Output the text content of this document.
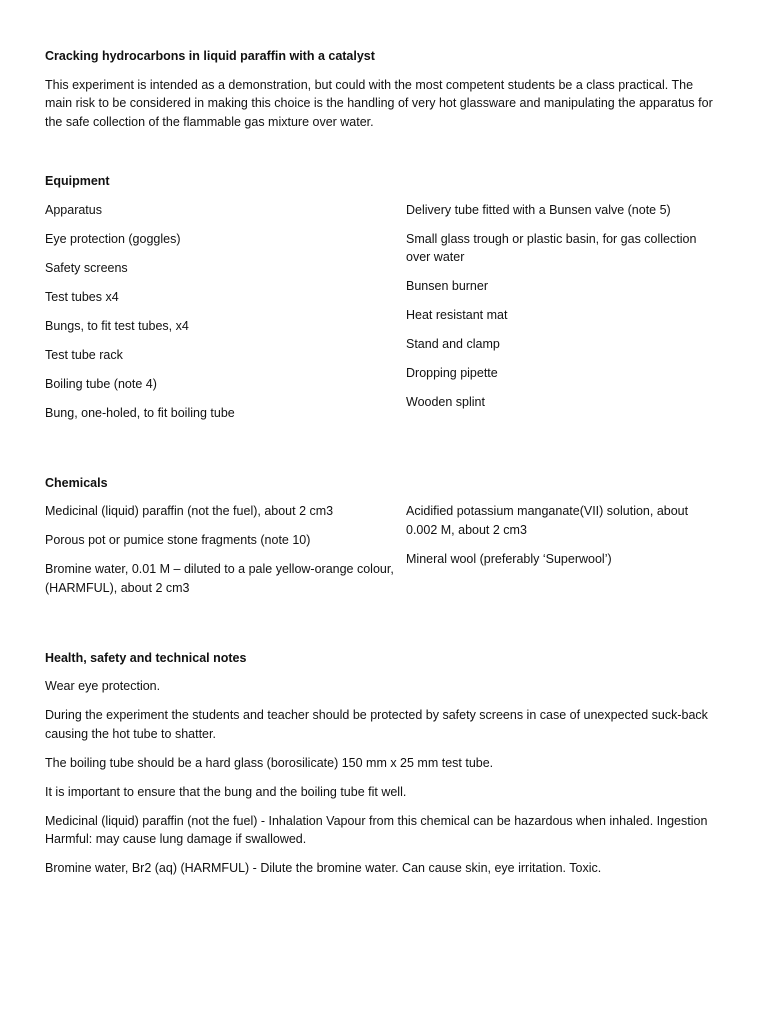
Cracking hydrocarbons in liquid paraffin with a catalyst

This experiment is intended as a demonstration, but could with the most competent students be a class practical. The main risk to be considered in making this choice is the handling of very hot glassware and manipulating the apparatus for the safe collection of the flammable gas mixture over water.

Equipment
Apparatus
Eye protection (goggles)
Safety screens
Test tubes x4
Bungs, to fit test tubes, x4
Test tube rack
Boiling tube (note 4)
Bung, one-holed, to fit boiling tube
Delivery tube fitted with a Bunsen valve (note 5)
Small glass trough or plastic basin, for gas collection over water
Bunsen burner
Heat resistant mat
Stand and clamp
Dropping pipette
Wooden splint
Chemicals
Medicinal (liquid) paraffin (not the fuel), about 2 cm3
Porous pot or pumice stone fragments (note 10)
Bromine water, 0.01 M – diluted to a pale yellow-orange colour, (HARMFUL), about 2 cm3
Acidified potassium manganate(VII) solution, about 0.002 M, about 2 cm3
Mineral wool (preferably ‘Superwool’)
Health, safety and technical notes
Wear eye protection.
During the experiment the students and teacher should be protected by safety screens in case of unexpected suck-back causing the hot tube to shatter.
The boiling tube should be a hard glass (borosilicate) 150 mm x 25 mm test tube.
It is important to ensure that the bung and the boiling tube fit well.
Medicinal (liquid) paraffin (not the fuel) - Inhalation Vapour from this chemical can be hazardous when inhaled. Ingestion Harmful: may cause lung damage if swallowed.
Bromine water, Br2 (aq) (HARMFUL) - Dilute the bromine water. Can cause skin, eye irritation. Toxic.
